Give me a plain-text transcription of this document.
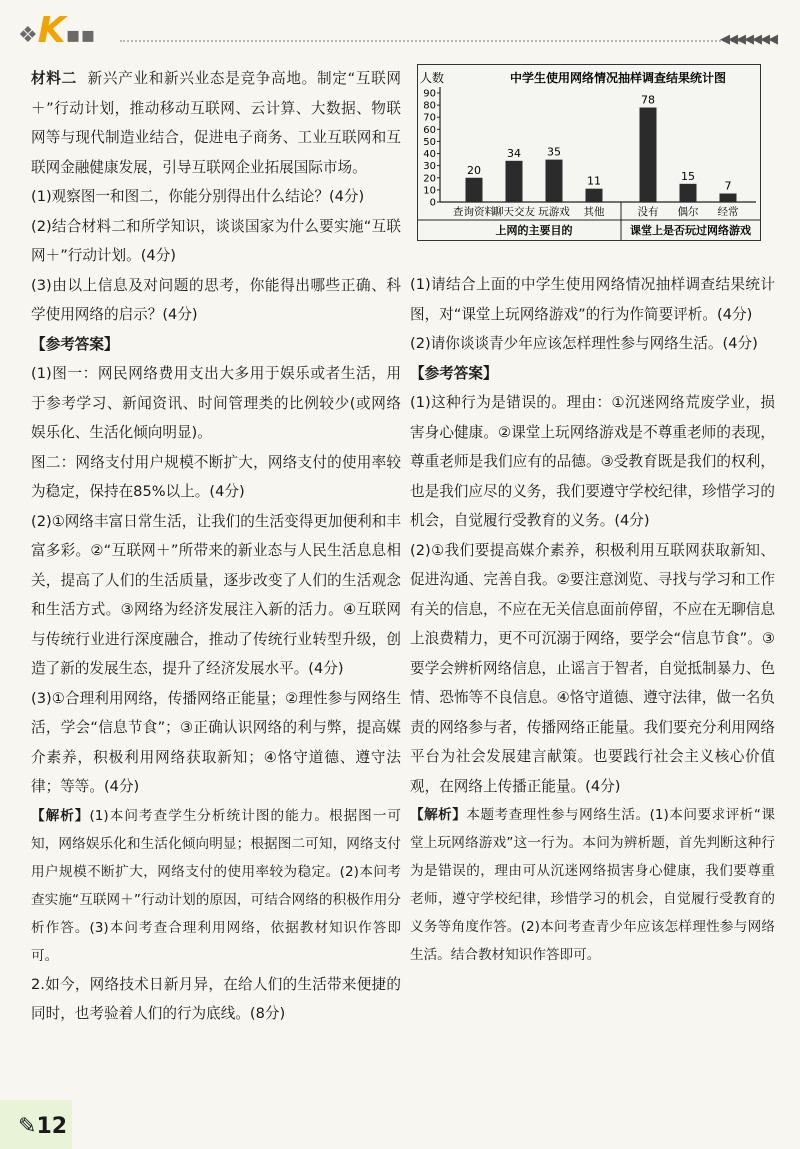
❖K▪▪	◀◀◀◀◀◀◀

材料二 新兴产业和新兴业态是竞争高地。制定“互联网＋”行动计划，推动移动互联网、云计算、大数据、物联网等与现代制造业结合，促进电子商务、工业互联网和互联网金融健康发展，引导互联网企业拓展国际市场。

(1)观察图一和图二，你能分别得出什么结论？(4分)

(2)结合材料二和所学知识，谈谈国家为什么要实施“互联网＋”行动计划。(4分)

(3)由以上信息及对问题的思考，你能得出哪些正确、科学使用网络的启示？(4分)

【参考答案】

(1)图一：网民网络费用支出大多用于娱乐或者生活，用于参考学习、新闻资讯、时间管理类的比例较少(或网络娱乐化、生活化倾向明显)。

图二：网络支付用户规模不断扩大，网络支付的使用率较为稳定，保持在85%以上。(4分)

(2)①网络丰富日常生活，让我们的生活变得更加便利和丰富多彩。②“互联网＋”所带来的新业态与人民生活息息相关，提高了人们的生活质量，逐步改变了人们的生活观念和生活方式。③网络为经济发展注入新的活力。④互联网与传统行业进行深度融合，推动了传统行业转型升级，创造了新的发展生态，提升了经济发展水平。(4分)

(3)①合理利用网络，传播网络正能量；②理性参与网络生活，学会“信息节食”；③正确认识网络的利与弊，提高媒介素养，积极利用网络获取新知；④恪守道德、遵守法律；等等。(4分)

【解析】(1)本问考查学生分析统计图的能力。根据图一可知，网络娱乐化和生活化倾向明显；根据图二可知，网络支付用户规模不断扩大，网络支付的使用率较为稳定。(2)本问考查实施“互联网＋”行动计划的原因，可结合网络的积极作用分析作答。(3)本问考查合理利用网络，依据教材知识作答即可。

2.如今，网络技术日新月异，在给人们的生活带来便捷的同时，也考验着人们的行为底线。(8分)

中学生使用网络情况抽样调查结果统计图
人数
0
10
20
30
40
50
60
70
80
90
20
查询资料
34
聊天交友
35
玩游戏
11
其他
78
没有
15
偶尔
7
经常
上网的主要目的	课堂上是否玩过网络游戏

(1)请结合上面的中学生使用网络情况抽样调查结果统计图，对“课堂上玩网络游戏”的行为作简要评析。(4分)

(2)请你谈谈青少年应该怎样理性参与网络生活。(4分)

【参考答案】

(1)这种行为是错误的。理由：①沉迷网络荒废学业，损害身心健康。②课堂上玩网络游戏是不尊重老师的表现，尊重老师是我们应有的品德。③受教育既是我们的权利，也是我们应尽的义务，我们要遵守学校纪律，珍惜学习的机会，自觉履行受教育的义务。(4分)

(2)①我们要提高媒介素养，积极利用互联网获取新知、促进沟通、完善自我。②要注意浏览、寻找与学习和工作有关的信息，不应在无关信息面前停留，不应在无聊信息上浪费精力，更不可沉溺于网络，要学会“信息节食”。③要学会辨析网络信息，止谣言于智者，自觉抵制暴力、色情、恐怖等不良信息。④恪守道德、遵守法律，做一名负责的网络参与者，传播网络正能量。我们要充分利用网络平台为社会发展建言献策。也要践行社会主义核心价值观，在网络上传播正能量。(4分)

【解析】本题考查理性参与网络生活。(1)本问要求评析“课堂上玩网络游戏”这一行为。本问为辨析题，首先判断这种行为是错误的，理由可从沉迷网络损害身心健康，我们要尊重老师，遵守学校纪律，珍惜学习的机会，自觉履行受教育的义务等角度作答。(2)本问考查青少年应该怎样理性参与网络生活。结合教材知识作答即可。

✎12
